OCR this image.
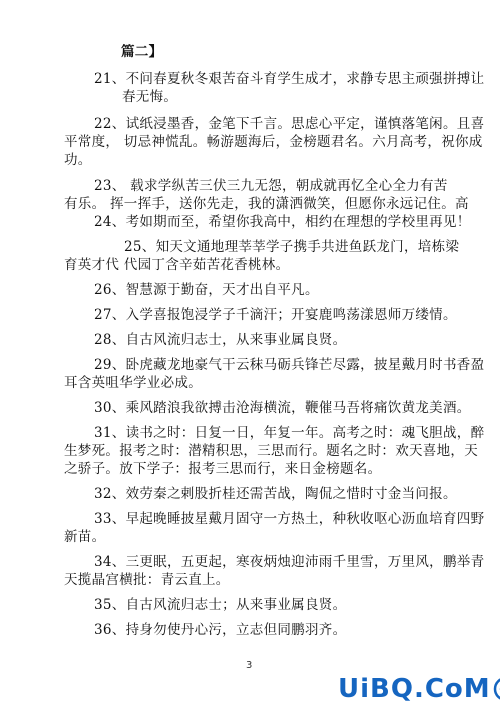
篇二】
21、不问春夏秋冬艰苦奋斗育学生成才，求静专思主顽强拼搏让
春无悔。
22、试纸浸墨香，金笔下千言。思虑心平定，谨慎落笔闲。且喜
平常度， 切忌神慌乱。畅游题海后，金榜题君名。六月高考，祝你成
功。
23、 载求学纵苦三伏三九无怨，朝成就再忆全心全力有苦
有乐。 挥一挥手，送你先走，我的潇洒微笑，但愿你永远记住。高
24、考如期而至，希望你我高中，相约在理想的学校里再见！
25、知天文通地理莘莘学子携手共进鱼跃龙门，培栋梁
育英才代 代园丁含辛茹苦花香桃林。
26、智慧源于勤奋，天才出自平凡。
27、入学喜报饱浸学子千滴汗；开宴鹿鸣荡漾恩师万缕情。
28、自古风流归志士，从来事业属良贤。
29、卧虎藏龙地豪气干云秣马砺兵锋芒尽露，披星戴月时书香盈
耳含英咀华学业必成。
30、乘风踏浪我欲搏击沧海横流，鞭催马吾将痛饮黄龙美酒。
31、读书之时：日复一日，年复一年。高考之时：魂飞胆战，醉
生梦死。报考之时：潜精积思，三思而行。题名之时：欢天喜地，天
之骄子。放下学子：报考三思而行，来日金榜题名。
32、效劳秦之剌股折桂还需苦战，陶侃之惜时寸金当问报。
33、早起晚睡披星戴月固守一方热土，种秋收呕心沥血培育四野
新苗。
34、三更眠，五更起，寒夜炳烛迎沛雨千里雪，万里风，鹏举青
天揽晶宫横批：青云直上。
35、自古风流归志士；从来事业属良贤。
36、持身勿使丹心污，立志但同鹏羽齐。
3
UiBQ.CoM
